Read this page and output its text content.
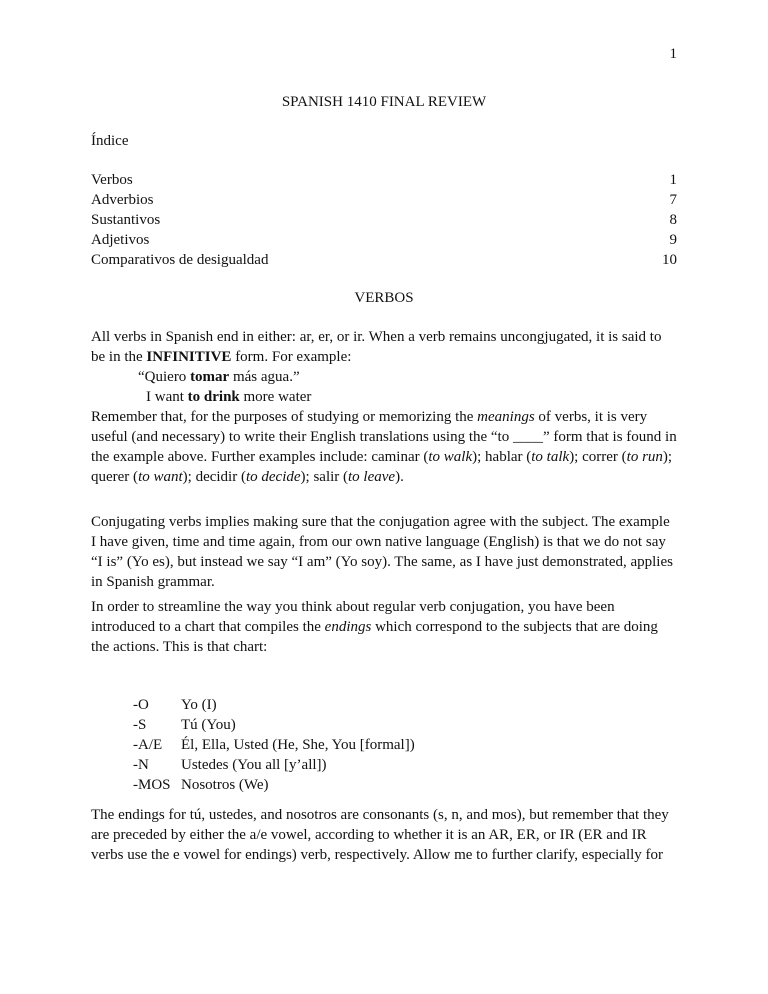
1
SPANISH 1410 FINAL REVIEW
Índice
Verbos	1
Adverbios	7
Sustantivos	8
Adjetivos	9
Comparativos de desigualdad	10
VERBOS

All verbs in Spanish end in either: ar, er, or ir. When a verb remains uncongjugated, it is said to be in the INFINITIVE form. For example:

“Quiero tomar más agua.”
I want to drink more water

Remember that, for the purposes of studying or memorizing the meanings of verbs, it is very useful (and necessary) to write their English translations using the “to ____” form that is found in the example above. Further examples include: caminar (to walk); hablar (to talk); correr (to run); querer (to want); decidir (to decide); salir (to leave).

Conjugating verbs implies making sure that the conjugation agree with the subject. The example I have given, time and time again, from our own native language (English) is that we do not say “I is” (Yo es), but instead we say “I am” (Yo soy). The same, as I have just demonstrated, applies in Spanish grammar.

In order to streamline the way you think about regular verb conjugation, you have been introduced to a chart that compiles the endings which correspond to the subjects that are doing the actions. This is that chart:

-O	Yo (I)
-S	Tú (You)
-A/E	Él, Ella, Usted (He, She, You [formal])
-N	Ustedes (You all [y’all])
-MOS Nosotros (We)

The endings for tú, ustedes, and nosotros are consonants (s, n, and mos), but remember that they are preceded by either the a/e vowel, according to whether it is an AR, ER, or IR (ER and IR verbs use the e vowel for endings) verb, respectively. Allow me to further clarify, especially for
